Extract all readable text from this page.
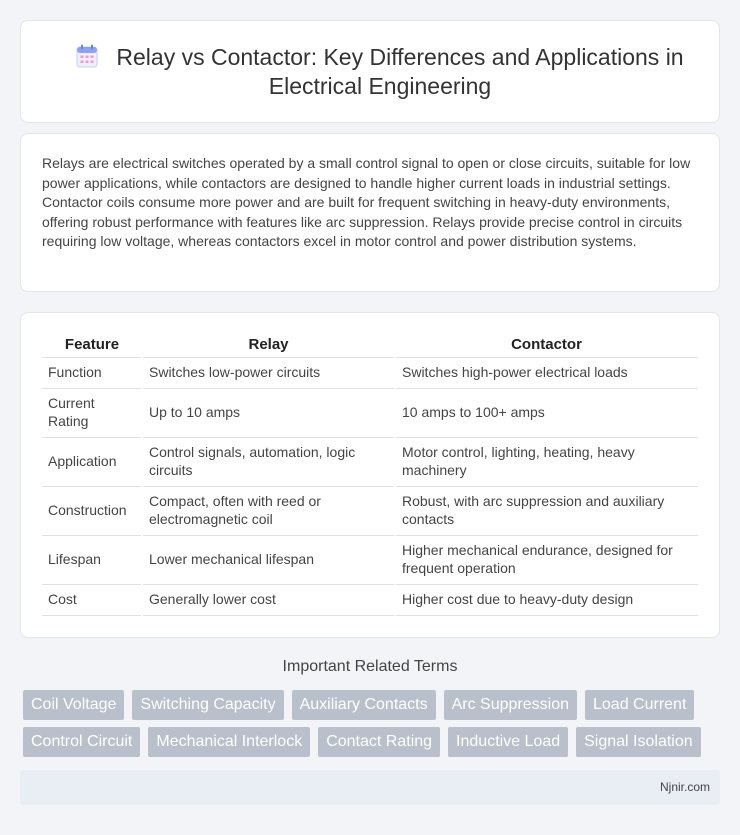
Relay vs Contactor: Key Differences and Applications in Electrical Engineering

Relays are electrical switches operated by a small control signal to open or close circuits, suitable for low power applications, while contactors are designed to handle higher current loads in industrial settings. Contactor coils consume more power and are built for frequent switching in heavy-duty environments, offering robust performance with features like arc suppression. Relays provide precise control in circuits requiring low voltage, whereas contactors excel in motor control and power distribution systems.

Feature	Relay	Contactor
Function	Switches low-power circuits	Switches high-power electrical loads
Current Rating	Up to 10 amps	10 amps to 100+ amps
Application	Control signals, automation, logic circuits	Motor control, lighting, heating, heavy machinery
Construction	Compact, often with reed or electromagnetic coil	Robust, with arc suppression and auxiliary contacts
Lifespan	Lower mechanical lifespan	Higher mechanical endurance, designed for frequent operation
Cost	Generally lower cost	Higher cost due to heavy-duty design
Important Related Terms
Coil Voltage	Switching Capacity	Auxiliary Contacts	Arc Suppression	Load Current
Control Circuit	Mechanical Interlock	Contact Rating	Inductive Load	Signal Isolation
Njnir.com
